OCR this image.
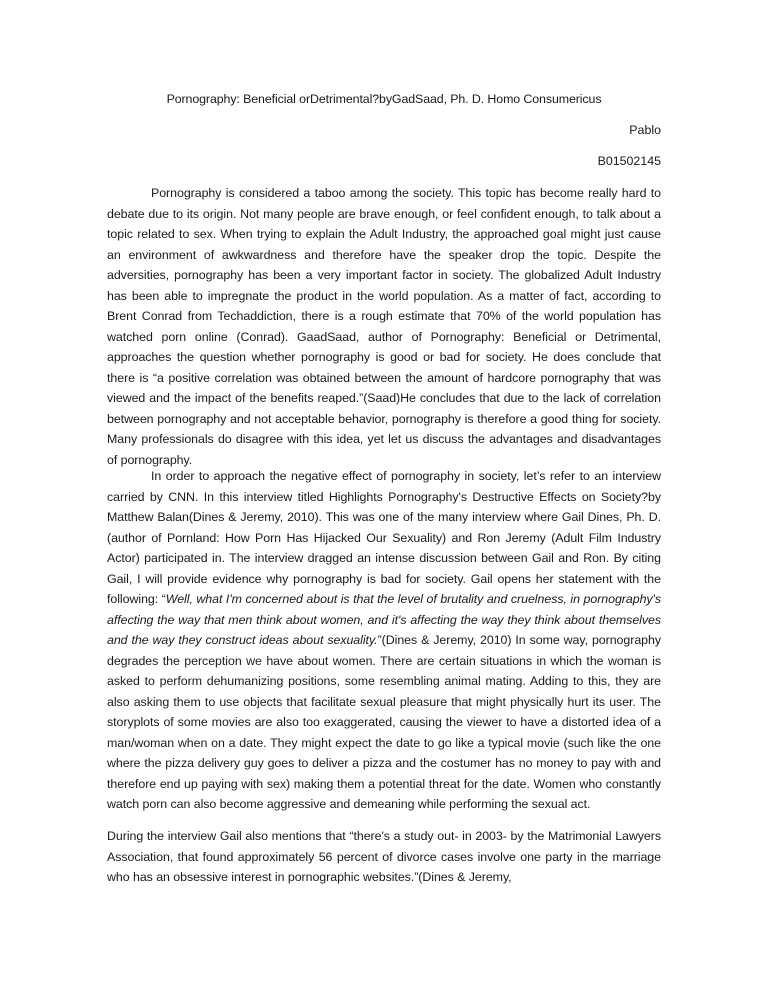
Pornography: Beneficial orDetrimental?byGadSaad, Ph. D. Homo Consumericus
Pablo
B01502145

Pornography is considered a taboo among the society. This topic has become really hard to debate due to its origin. Not many people are brave enough, or feel confident enough, to talk about a topic related to sex. When trying to explain the Adult Industry, the approached goal might just cause an environment of awkwardness and therefore have the speaker drop the topic. Despite the adversities, pornography has been a very important factor in society. The globalized Adult Industry has been able to impregnate the product in the world population. As a matter of fact, according to Brent Conrad from Techaddiction, there is a rough estimate that 70% of the world population has watched porn online (Conrad). GaadSaad, author of Pornography: Beneficial or Detrimental, approaches the question whether pornography is good or bad for society. He does conclude that there is “a positive correlation was obtained between the amount of hardcore pornography that was viewed and the impact of the benefits reaped.”(Saad)He concludes that due to the lack of correlation between pornography and not acceptable behavior, pornography is therefore a good thing for society. Many professionals do disagree with this idea, yet let us discuss the advantages and disadvantages of pornography.

In order to approach the negative effect of pornography in society, let’s refer to an interview carried by CNN. In this interview titled Highlights Pornography's Destructive Effects on Society?by Matthew Balan(Dines & Jeremy, 2010). This was one of the many interview where Gail Dines, Ph. D. (author of Pornland: How Porn Has Hijacked Our Sexuality) and Ron Jeremy (Adult Film Industry Actor) participated in. The interview dragged an intense discussion between Gail and Ron. By citing Gail, I will provide evidence why pornography is bad for society. Gail opens her statement with the following: “Well, what I'm concerned about is that the level of brutality and cruelness, in pornography's affecting the way that men think about women, and it's affecting the way they think about themselves and the way they construct ideas about sexuality.”(Dines & Jeremy, 2010) In some way, pornography degrades the perception we have about women. There are certain situations in which the woman is asked to perform dehumanizing positions, some resembling animal mating. Adding to this, they are also asking them to use objects that facilitate sexual pleasure that might physically hurt its user. The storyplots of some movies are also too exaggerated, causing the viewer to have a distorted idea of a man/woman when on a date. They might expect the date to go like a typical movie (such like the one where the pizza delivery guy goes to deliver a pizza and the costumer has no money to pay with and therefore end up paying with sex) making them a potential threat for the date. Women who constantly watch porn can also become aggressive and demeaning while performing the sexual act.

During the interview Gail also mentions that “there's a study out- in 2003- by the Matrimonial Lawyers Association, that found approximately 56 percent of divorce cases involve one party in the marriage who has an obsessive interest in pornographic websites.”(Dines & Jeremy,
